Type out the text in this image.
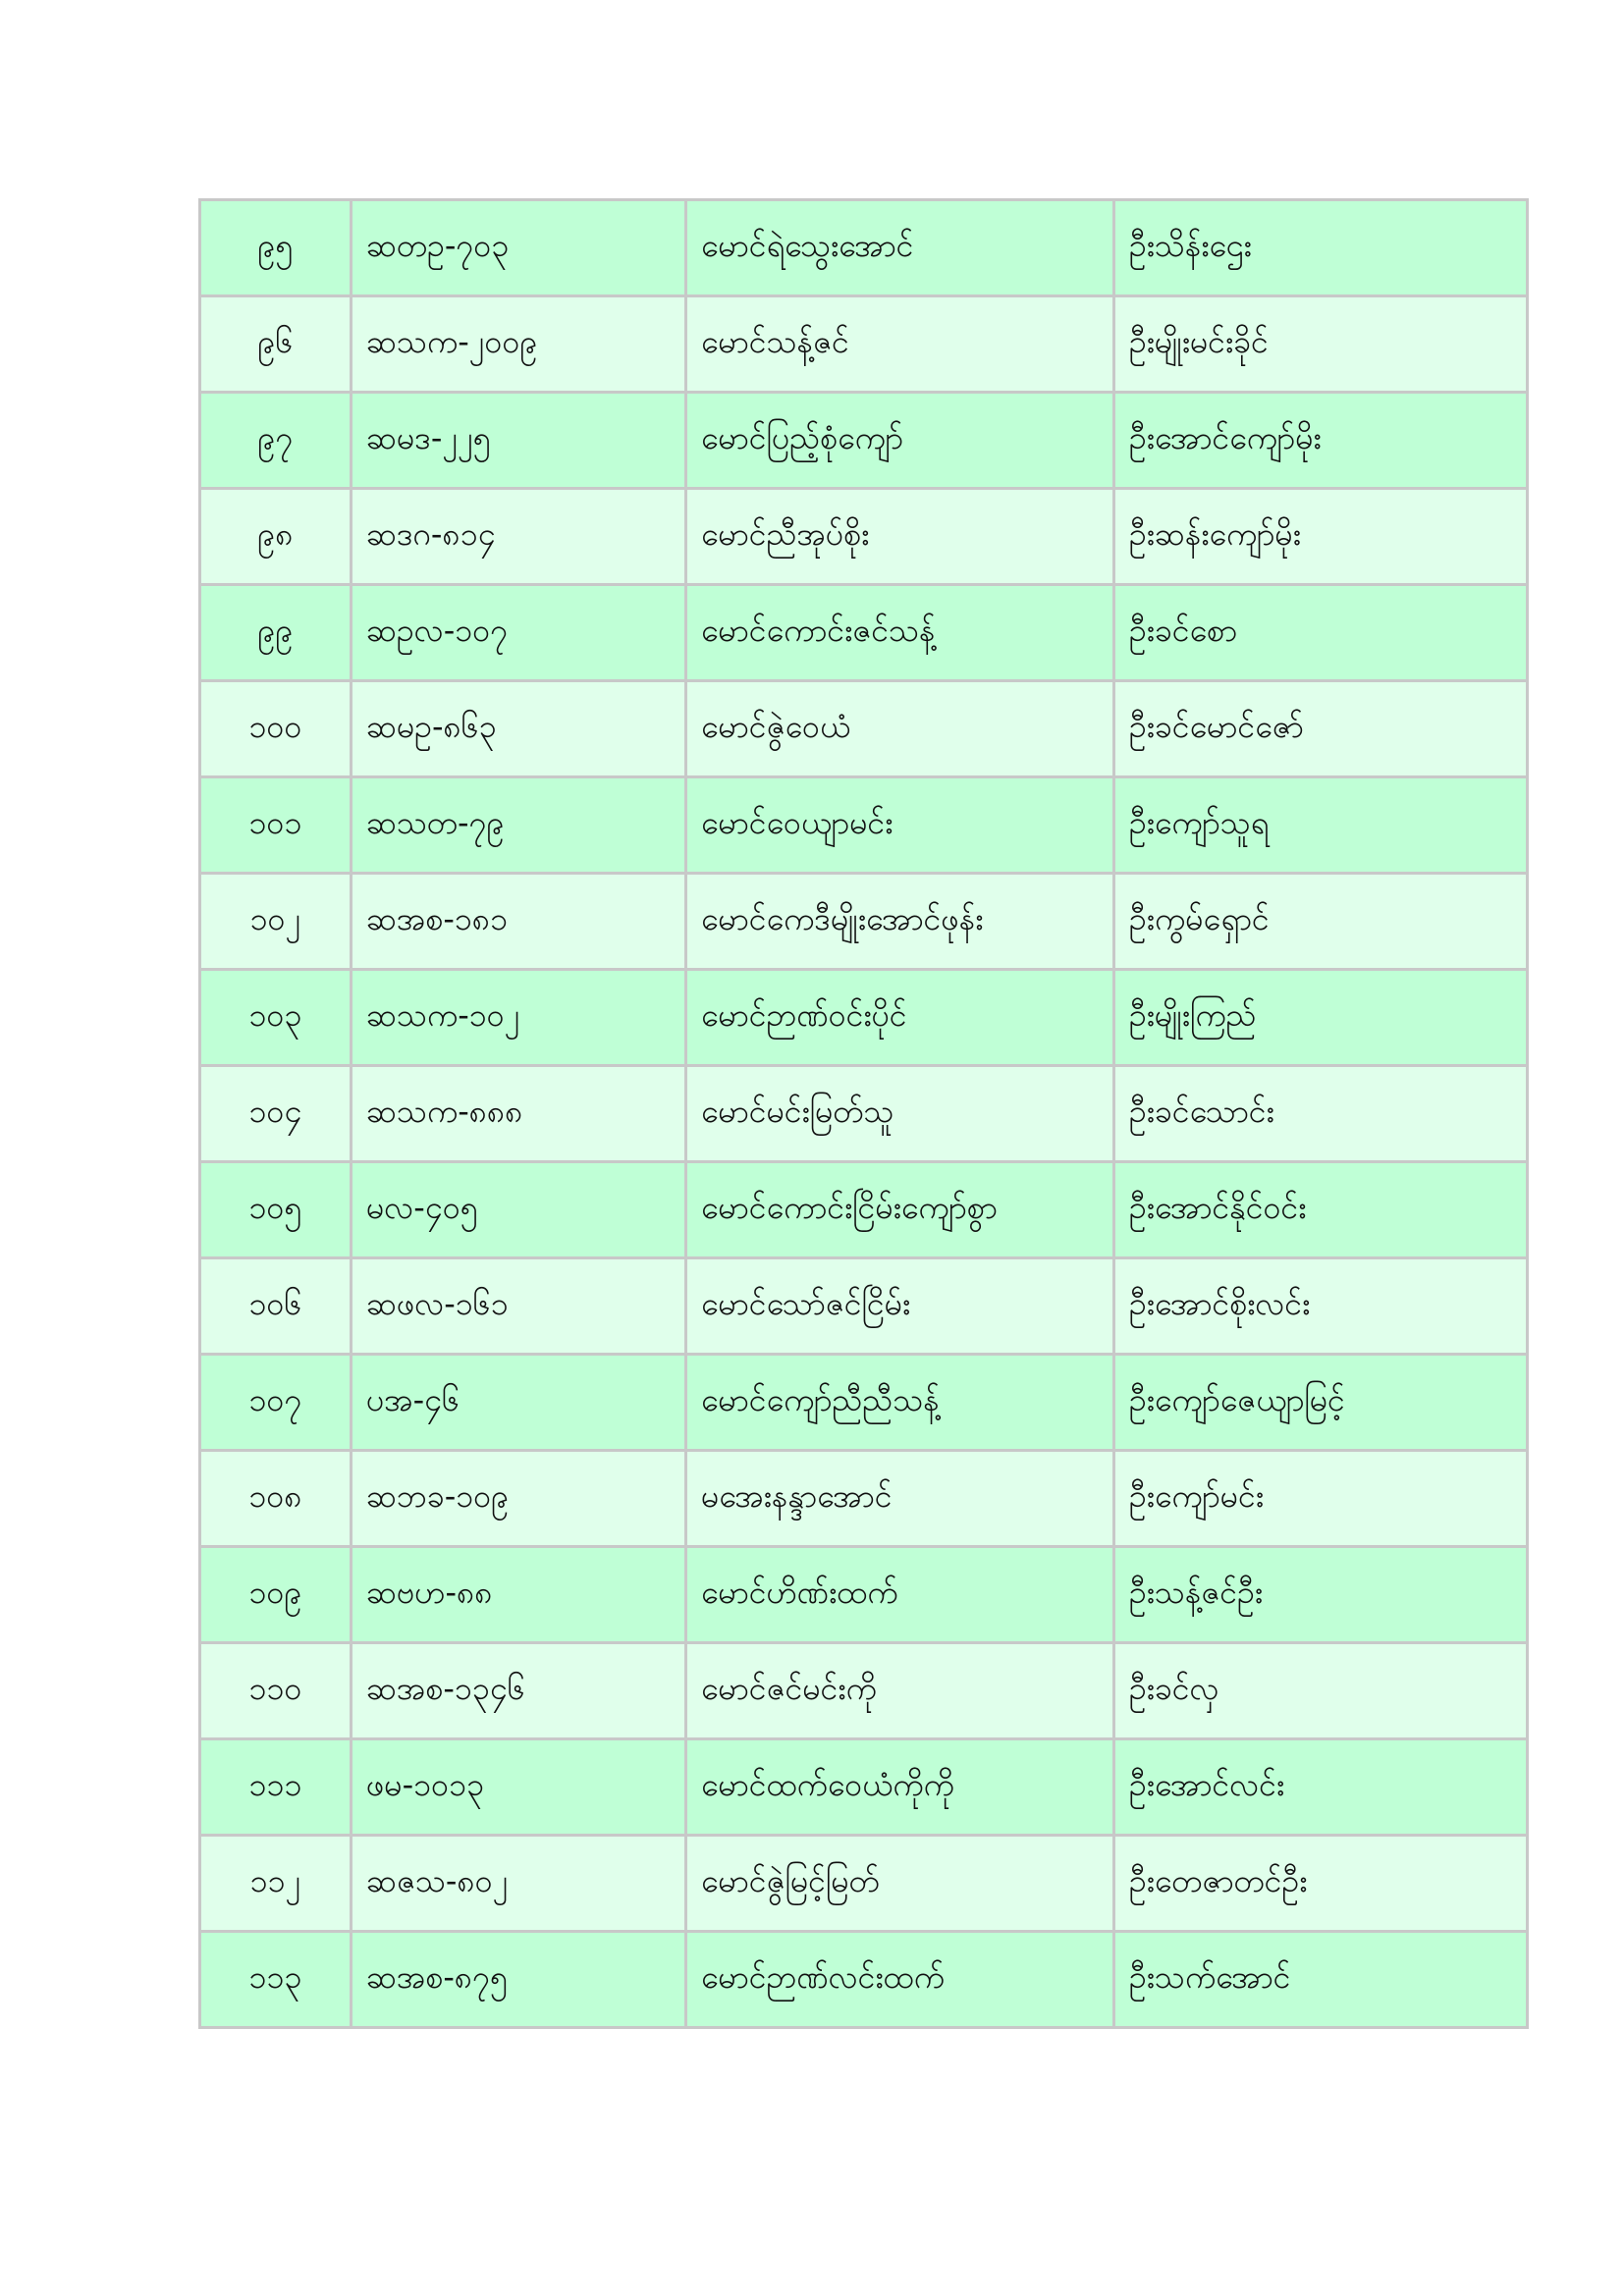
၉၅	ဆတဥ-၇၀၃	မောင်ရဲသွေးအောင်	ဦးသိန်းဌေး
၉၆	ဆသက-၂၀၀၉	မောင်သန့်ဇင်	ဦးမျိုးမင်းခိုင်
၉၇	ဆမဒ-၂၂၅	မောင်ပြည့်စုံကျော်	ဦးအောင်ကျော်မိုး
၉၈	ဆဒဂ-၈၁၄	မောင်ညီအုပ်စိုး	ဦးဆန်းကျော်မိုး
၉၉	ဆဥလ-၁၀၇	မောင်ကောင်းဇင်သန့်	ဦးခင်စော
၁၀၀	ဆမဥ-၈၆၃	မောင်ဇွဲဝေယံ	ဦးခင်မောင်ဇော်
၁၀၁	ဆသတ-၇၉	မောင်ဝေယျာမင်း	ဦးကျော်သူရ
၁၀၂	ဆအစ-၁၈၁	မောင်ကေဒီမျိုးအောင်ဖုန်း	ဦးကွမ်ရှောင်
၁၀၃	ဆသက-၁၀၂	မောင်ဉာဏ်ဝင်းပိုင်	ဦးမျိုးကြည်
၁၀၄	ဆသက-၈၈၈	မောင်မင်းမြတ်သူ	ဦးခင်သောင်း
၁၀၅	မလ-၄၀၅	မောင်ကောင်းငြိမ်းကျော်စွာ	ဦးအောင်နိုင်ဝင်း
၁၀၆	ဆဖလ-၁၆၁	မောင်သော်ဇင်ငြိမ်း	ဦးအောင်စိုးလင်း
၁၀၇	ပအ-၄၆	မောင်ကျော်ညီညီသန့်	ဦးကျော်ဇေယျာမြင့်
၁၀၈	ဆဘခ-၁၀၉	မအေးနန္ဒာအောင်	ဦးကျော်မင်း
၁၀၉	ဆဗဟ-၈၈	မောင်ဟိဏ်းထက်	ဦးသန့်ဇင်ဦး
၁၁၀	ဆအစ-၁၃၄၆	မောင်ဇင်မင်းကို	ဦးခင်လှ
၁၁၁	ဖမ-၁၀၁၃	မောင်ထက်ဝေယံကိုကို	ဦးအောင်လင်း
၁၁၂	ဆဇသ-၈၀၂	မောင်ဇွဲမြင့်မြတ်	ဦးတေဇာတင်ဦး
၁၁၃	ဆအစ-၈၇၅	မောင်ဉာဏ်လင်းထက်	ဦးသက်အောင်
